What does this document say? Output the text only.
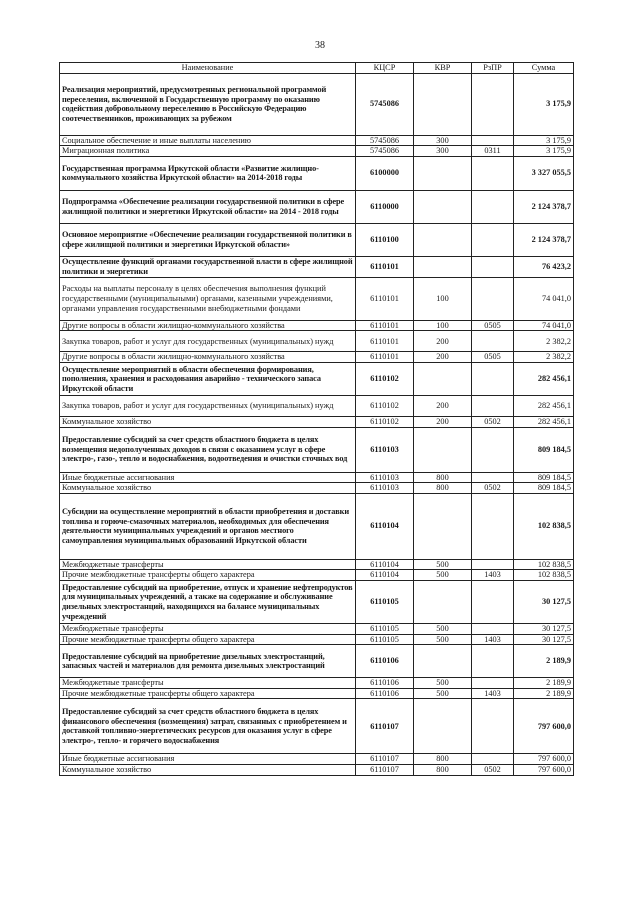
38
Наименование	КЦСР	КВР	РзПР	Сумма
Реализация мероприятий, предусмотренных региональной программой переселения, включенной в Государственную программу по оказанию содействия добровольному переселению в Российскую Федерацию соотечественников, проживающих за рубежом	5745086			3 175,9
Социальное обеспечение и иные выплаты населению	5745086	300		3 175,9
Миграционная политика	5745086	300	0311	3 175,9
Государственная программа Иркутской области «Развитие жилищно-коммунального хозяйства Иркутской области» на 2014-2018 годы	6100000			3 327 055,5
Подпрограмма «Обеспечение реализации государственной политики в сфере жилищной политики и энергетики Иркутской области» на 2014 - 2018 годы	6110000			2 124 378,7
Основное мероприятие «Обеспечение реализации государственной политики в сфере жилищной политики и энергетики Иркутской области»	6110100			2 124 378,7
Осуществление функций органами государственной власти в сфере жилищной политики и энергетики	6110101			76 423,2
Расходы на выплаты персоналу в целях обеспечения выполнения функций государственными (муниципальными) органами, казенными учреждениями, органами управления государственными внебюджетными фондами	6110101	100		74 041,0
Другие вопросы в области жилищно-коммунального хозяйства	6110101	100	0505	74 041,0
Закупка товаров, работ и услуг для государственных (муниципальных) нужд	6110101	200		2 382,2
Другие вопросы в области жилищно-коммунального хозяйства	6110101	200	0505	2 382,2
Осуществление мероприятий в области обеспечения формирования, пополнения, хранения и расходования аварийно - технического запаса Иркутской области	6110102			282 456,1
Закупка товаров, работ и услуг для государственных (муниципальных) нужд	6110102	200		282 456,1
Коммунальное хозяйство	6110102	200	0502	282 456,1
Предоставление субсидий за счет средств областного бюджета в целях возмещения недополученных доходов в связи с оказанием услуг в сфере электро-, газо-, тепло и водоснабжения, водоотведения и очистки сточных вод	6110103			809 184,5
Иные бюджетные ассигнования	6110103	800		809 184,5
Коммунальное хозяйство	6110103	800	0502	809 184,5
Субсидии на осуществление мероприятий в области приобретения и доставки топлива и горюче-смазочных материалов, необходимых для обеспечения деятельности муниципальных учреждений и органов местного самоуправления муниципальных образований Иркутской области	6110104			102 838,5
Межбюджетные трансферты	6110104	500		102 838,5
Прочие межбюджетные трансферты общего характера	6110104	500	1403	102 838,5
Предоставление субсидий на приобретение, отпуск и хранение нефтепродуктов для муниципальных учреждений, а также на содержание и обслуживание дизельных электростанций, находящихся на балансе муниципальных учреждений	6110105			30 127,5
Межбюджетные трансферты	6110105	500		30 127,5
Прочие межбюджетные трансферты общего характера	6110105	500	1403	30 127,5
Предоставление субсидий на приобретение дизельных электростанций, запасных частей и материалов для ремонта дизельных электростанций	6110106			2 189,9
Межбюджетные трансферты	6110106	500		2 189,9
Прочие межбюджетные трансферты общего характера	6110106	500	1403	2 189,9
Предоставление субсидий за счет средств областного бюджета в целях финансового обеспечения (возмещения) затрат, связанных с приобретением и доставкой топливно-энергетических ресурсов для оказания услуг в сфере электро-, тепло- и горячего водоснабжения	6110107			797 600,0
Иные бюджетные ассигнования	6110107	800		797 600,0
Коммунальное хозяйство	6110107	800	0502	797 600,0
